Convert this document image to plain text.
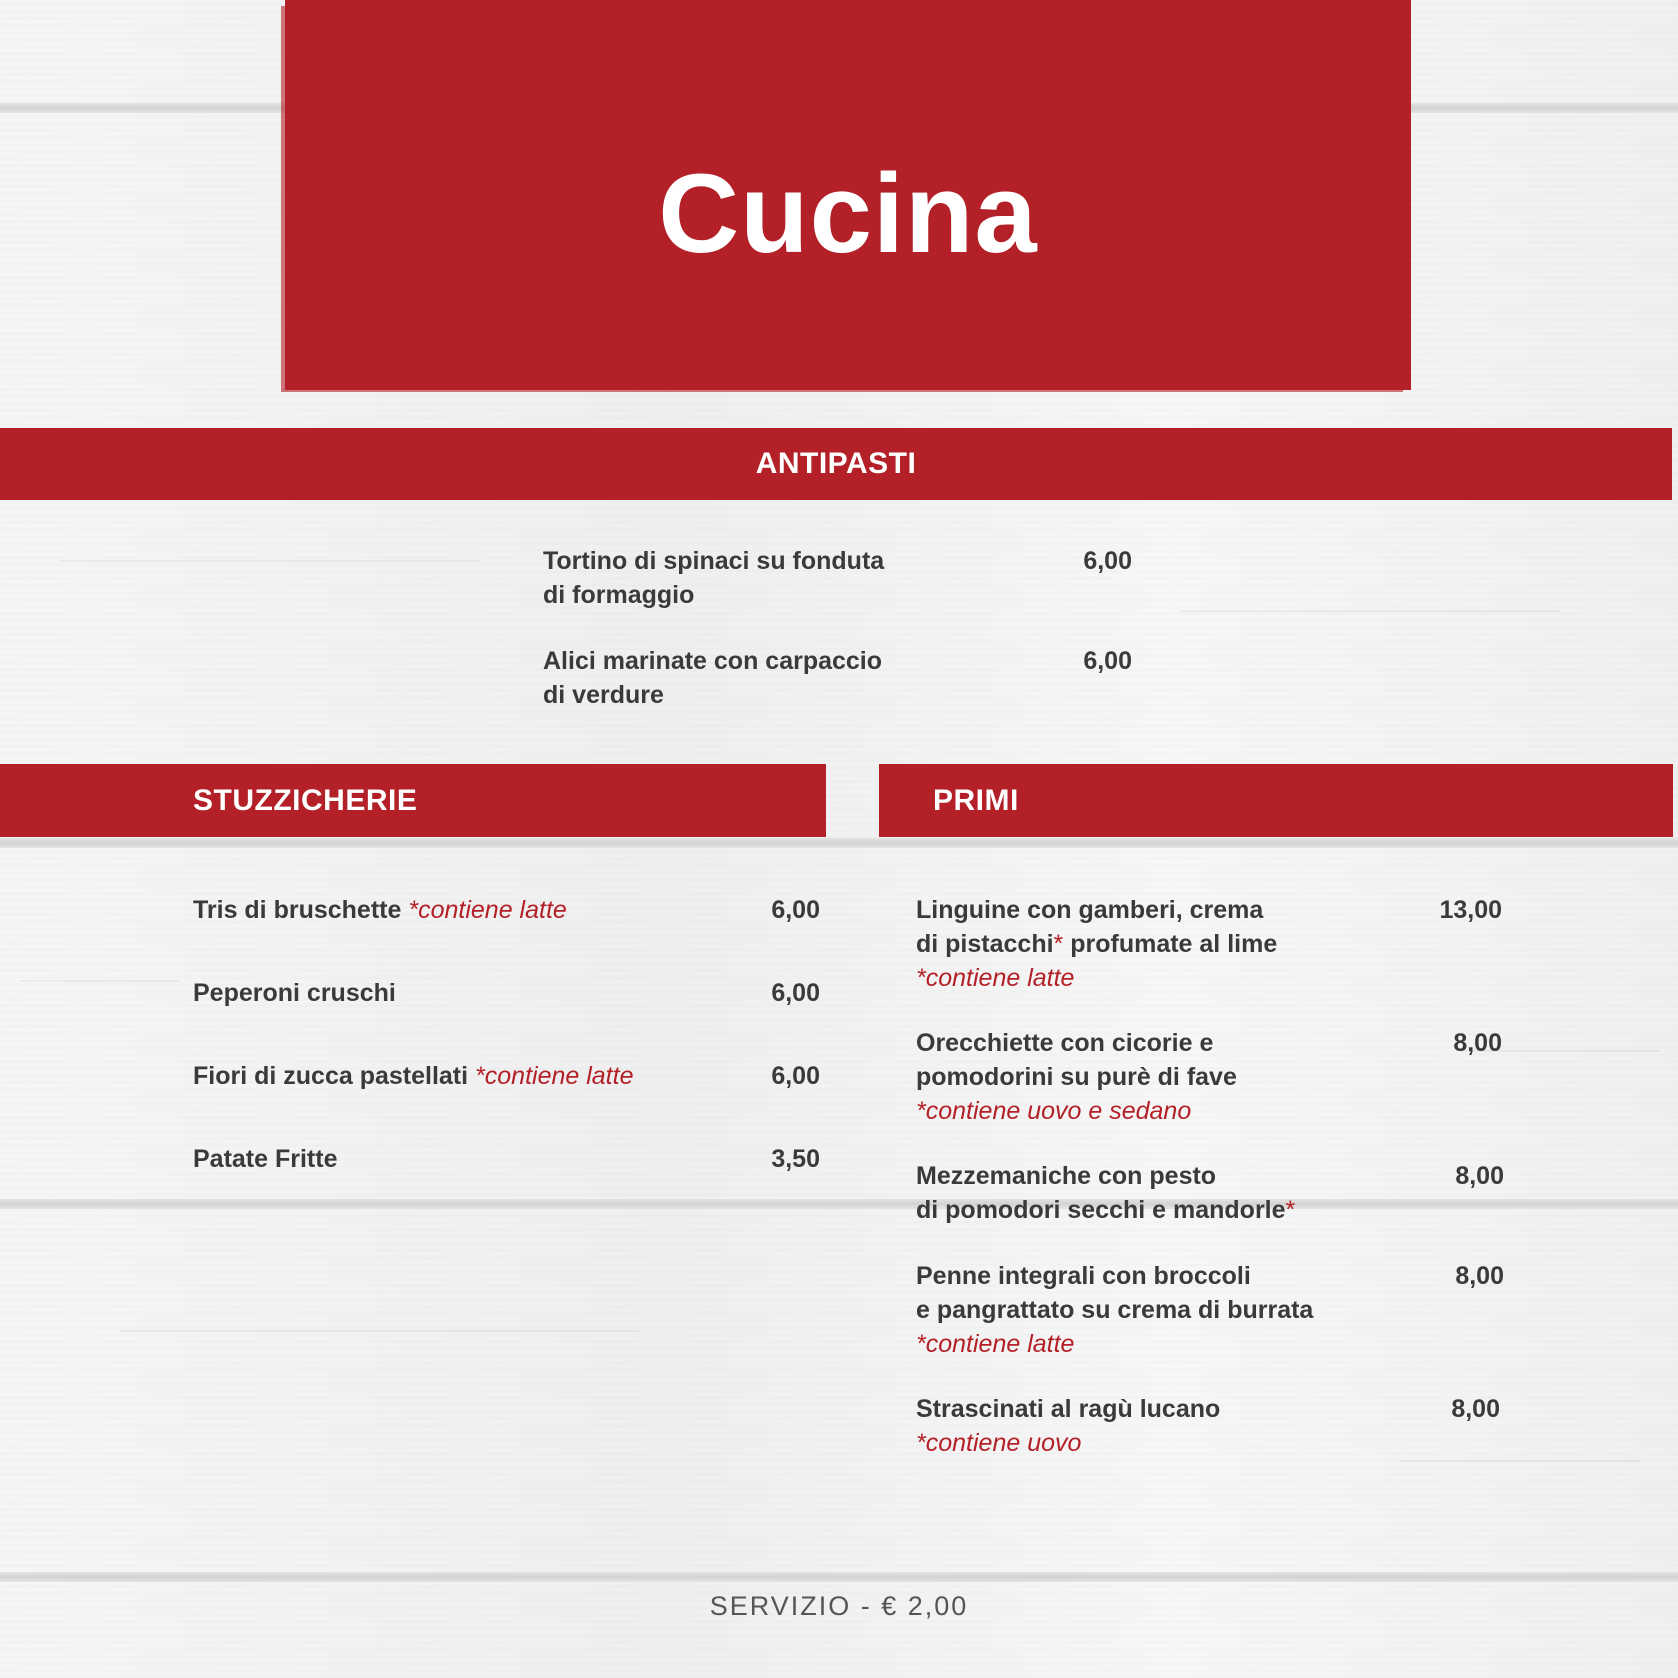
Cucina
ANTIPASTI
Tortino di spinaci su fonduta
di formaggio
6,00
Alici marinate con carpaccio
di verdure
6,00
STUZZICHERIE	PRIMI
Tris di bruschette *contiene latte	6,00
Peperoni cruschi	6,00
Fiori di zucca pastellati *contiene latte	6,00
Patate Fritte	3,50
Linguine con gamberi, crema
di pistacchi* profumate al lime
*contiene latte
13,00
Orecchiette con cicorie e
pomodorini su purè di fave
*contiene uovo e sedano
8,00
Mezzemaniche con pesto
di pomodori secchi e mandorle*
8,00
Penne integrali con broccoli
e pangrattato su crema di burrata
*contiene latte
8,00
Strascinati al ragù lucano
*contiene uovo
8,00
SERVIZIO - € 2,00
